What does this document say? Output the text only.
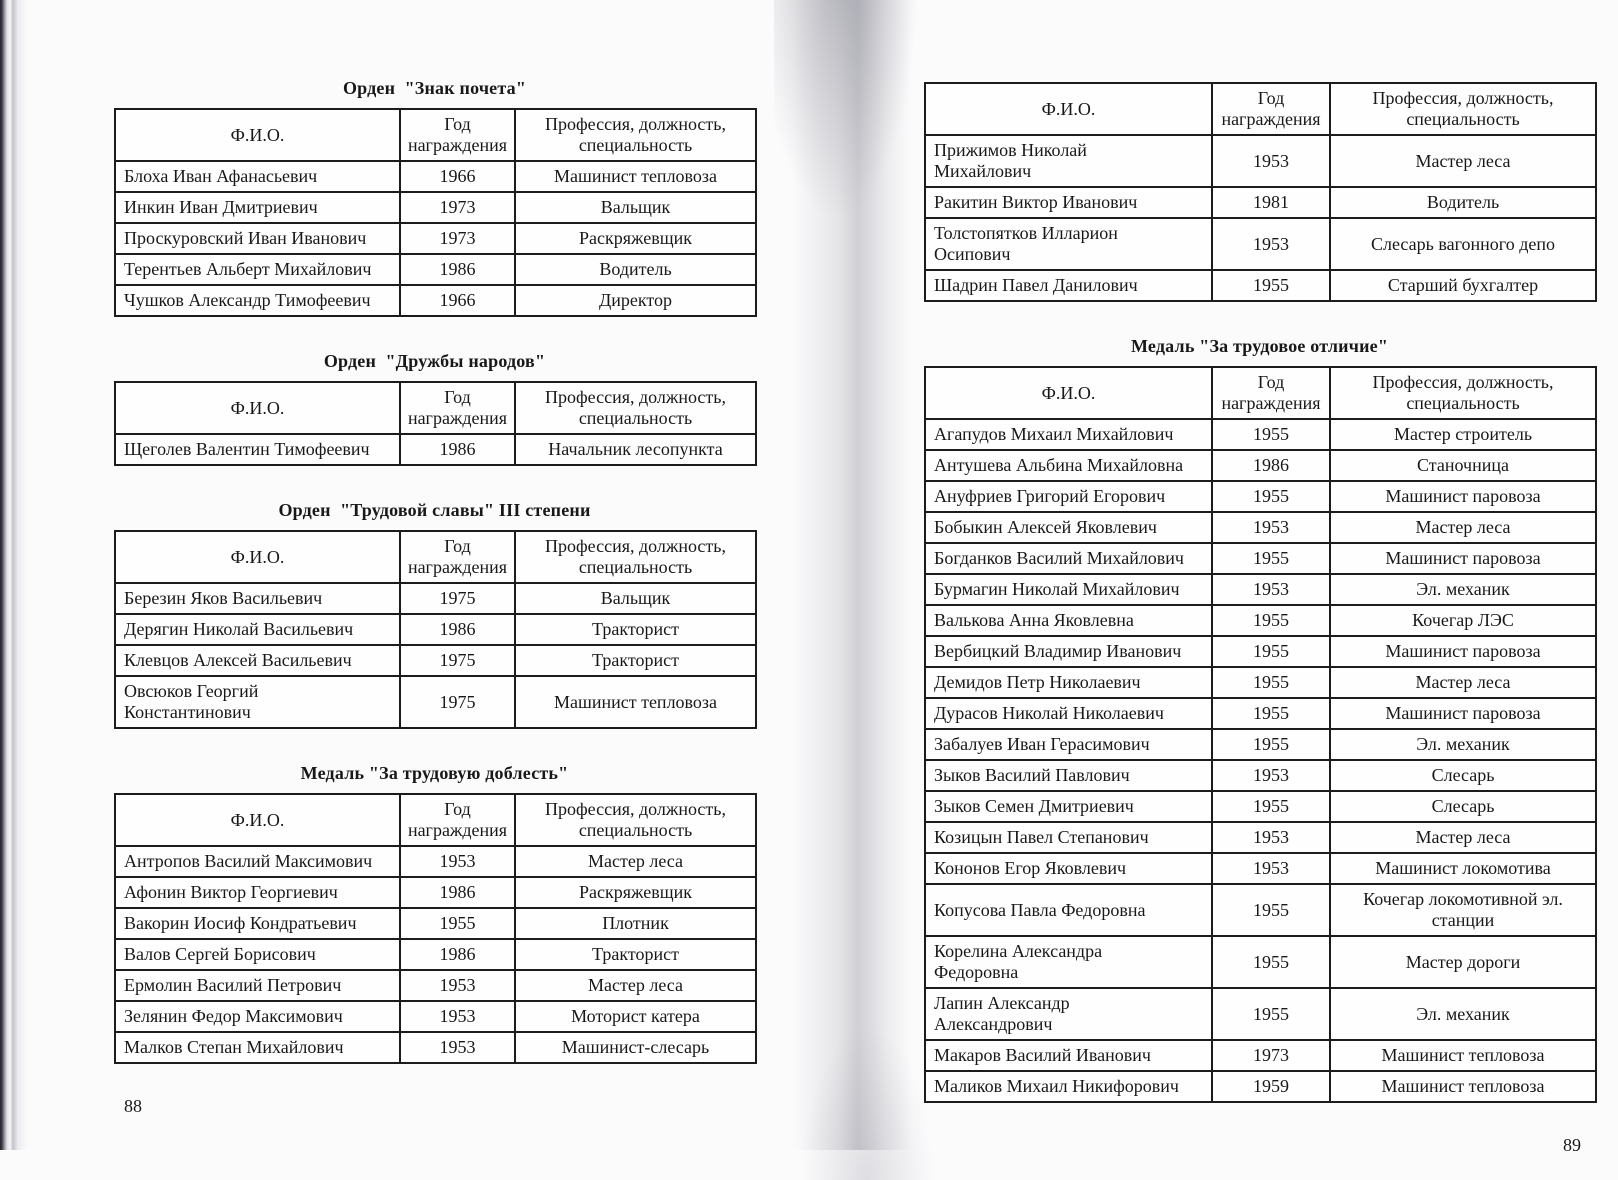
Орден  "Знак почета"
Ф.И.О.	Год награждения	Профессия, должность, специальность
Блоха Иван Афанасьевич	1966	Машинист тепловоза
Инкин Иван Дмитриевич	1973	Вальщик
Проскуровский Иван Иванович	1973	Раскряжевщик
Терентьев Альберт Михайлович	1986	Водитель
Чушков Александр Тимофеевич	1966	Директор
Орден  "Дружбы народов"
Ф.И.О.	Год награждения	Профессия, должность, специальность
Щеголев Валентин Тимофеевич	1986	Начальник лесопункта
Орден  "Трудовой славы" III степени
Ф.И.О.	Год награждения	Профессия, должность, специальность
Березин Яков Васильевич	1975	Вальщик
Дерягин Николай Васильевич	1986	Тракторист
Клевцов Алексей Васильевич	1975	Тракторист
Овсюков Георгий Константинович	1975	Машинист тепловоза
Медаль "За трудовую доблесть"
Ф.И.О.	Год награждения	Профессия, должность, специальность
Антропов Василий Максимович	1953	Мастер леса
Афонин Виктор Георгиевич	1986	Раскряжевщик
Вакорин Иосиф Кондратьевич	1955	Плотник
Валов Сергей Борисович	1986	Тракторист
Ермолин Василий Петрович	1953	Мастер леса
Зелянин Федор Максимович	1953	Моторист катера
Малков Степан Михайлович	1953	Машинист-слесарь
88
Ф.И.О.	Год награждения	Профессия, должность, специальность
Прижимов Николай Михайлович	1953	Мастер леса
Ракитин Виктор Иванович	1981	Водитель
Толстопятков Илларион Осипович	1953	Слесарь вагонного депо
Шадрин Павел Данилович	1955	Старший бухгалтер
Медаль "За трудовое отличие"
Ф.И.О.	Год награждения	Профессия, должность, специальность
Агапудов Михаил Михайлович	1955	Мастер строитель
Антушева Альбина Михайловна	1986	Станочница
Ануфриев Григорий Егорович	1955	Машинист паровоза
Бобыкин Алексей Яковлевич	1953	Мастер леса
Богданков Василий Михайлович	1955	Машинист паровоза
Бурмагин Николай Михайлович	1953	Эл. механик
Валькова Анна Яковлевна	1955	Кочегар ЛЭС
Вербицкий Владимир Иванович	1955	Машинист паровоза
Демидов Петр Николаевич	1955	Мастер леса
Дурасов Николай Николаевич	1955	Машинист паровоза
Забалуев Иван Герасимович	1955	Эл. механик
Зыков Василий Павлович	1953	Слесарь
Зыков Семен Дмитриевич	1955	Слесарь
Козицын Павел Степанович	1953	Мастер леса
Кононов Егор Яковлевич	1953	Машинист локомотива
Копусова Павла Федоровна	1955	Кочегар локомотивной эл. станции
Корелина Александра Федоровна	1955	Мастер дороги
Лапин Александр Александрович	1955	Эл. механик
Макаров Василий Иванович	1973	Машинист тепловоза
Маликов Михаил Никифорович	1959	Машинист тепловоза
89
